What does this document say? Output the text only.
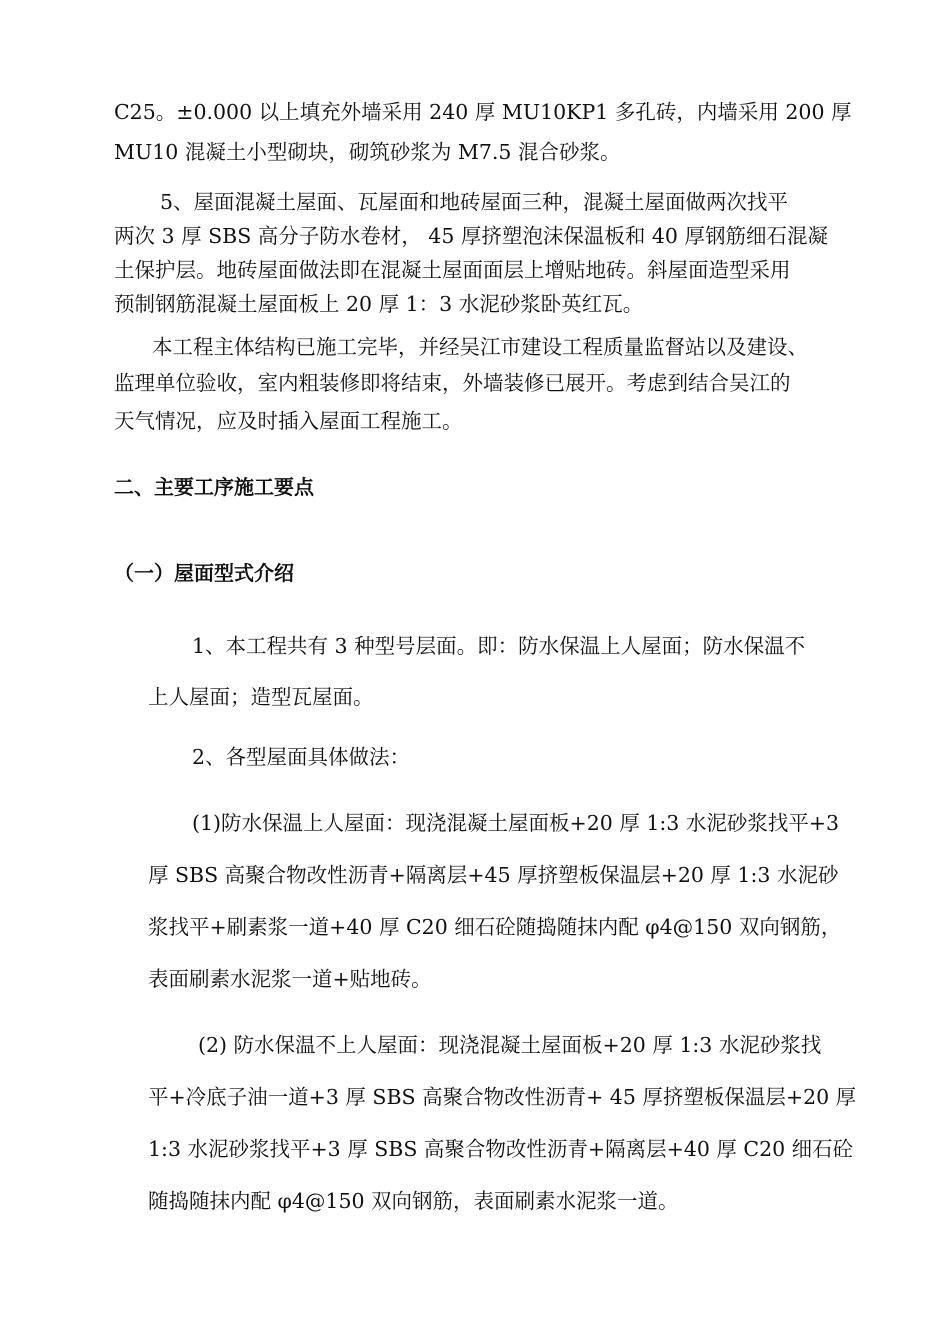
C25。±0.000 以上填充外墙采用 240 厚 MU10KP1 多孔砖，内墙采用 200 厚
MU10 混凝土小型砌块，砌筑砂浆为 M7.5 混合砂浆。
5、屋面混凝土屋面、瓦屋面和地砖屋面三种，混凝土屋面做两次找平
两次 3 厚 SBS 高分子防水卷材， 45 厚挤塑泡沫保温板和 40 厚钢筋细石混凝
土保护层。地砖屋面做法即在混凝土屋面面层上增贴地砖。斜屋面造型采用
预制钢筋混凝土屋面板上 20 厚 1：3 水泥砂浆卧英红瓦。
本工程主体结构已施工完毕，并经吴江市建设工程质量监督站以及建设、
监理单位验收，室内粗装修即将结束，外墙装修已展开。考虑到结合吴江的
天气情况，应及时插入屋面工程施工。
二、主要工序施工要点
（一）屋面型式介绍
1、本工程共有 3 种型号层面。即：防水保温上人屋面；防水保温不
上人屋面；造型瓦屋面。
2、各型屋面具体做法：
(1)防水保温上人屋面：现浇混凝土屋面板+20 厚 1:3 水泥砂浆找平+3
厚 SBS 高聚合物改性沥青+隔离层+45 厚挤塑板保温层+20 厚 1:3 水泥砂
浆找平+刷素浆一道+40 厚 C20 细石砼随捣随抹内配 φ4@150 双向钢筋，
表面刷素水泥浆一道+贴地砖。
(2) 防水保温不上人屋面：现浇混凝土屋面板+20 厚 1:3 水泥砂浆找
平+冷底子油一道+3 厚 SBS 高聚合物改性沥青+ 45 厚挤塑板保温层+20 厚
1:3 水泥砂浆找平+3 厚 SBS 高聚合物改性沥青+隔离层+40 厚 C20 细石砼
随捣随抹内配 φ4@150 双向钢筋，表面刷素水泥浆一道。
